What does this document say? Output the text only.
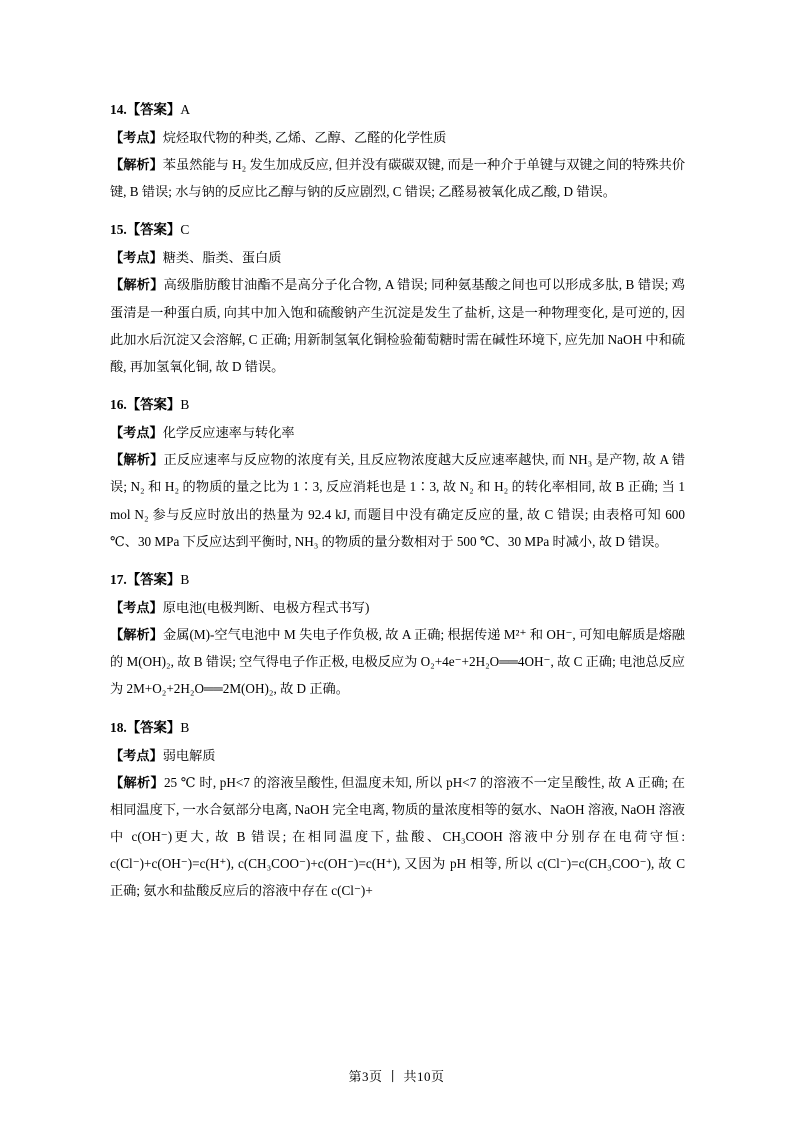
14.【答案】A
【考点】烷烃取代物的种类, 乙烯、乙醇、乙醛的化学性质
【解析】苯虽然能与 H₂ 发生加成反应, 但并没有碳碳双键, 而是一种介于单键与双键之间的特殊共价键, B 错误; 水与钠的反应比乙醇与钠的反应剧烈, C 错误; 乙醛易被氧化成乙酸, D 错误。
15.【答案】C
【考点】糖类、脂类、蛋白质
【解析】高级脂肪酸甘油酯不是高分子化合物, A 错误; 同种氨基酸之间也可以形成多肽, B 错误; 鸡蛋清是一种蛋白质, 向其中加入饱和硫酸钠产生沉淀是发生了盐析, 这是一种物理变化, 是可逆的, 因此加水后沉淀又会溶解, C 正确; 用新制氢氧化铜检验葡萄糖时需在碱性环境下, 应先加 NaOH 中和硫酸, 再加氢氧化铜, 故 D 错误。
16.【答案】B
【考点】化学反应速率与转化率
【解析】正反应速率与反应物的浓度有关, 且反应物浓度越大反应速率越快, 而 NH₃ 是产物, 故 A 错误; N₂ 和 H₂ 的物质的量之比为 1∶3, 反应消耗也是 1∶3, 故 N₂ 和 H₂ 的转化率相同, 故 B 正确; 当 1 mol N₂ 参与反应时放出的热量为 92.4 kJ, 而题目中没有确定反应的量, 故 C 错误; 由表格可知 600 ℃、30 MPa 下反应达到平衡时, NH₃ 的物质的量分数相对于 500 ℃、30 MPa 时减小, 故 D 错误。
17.【答案】B
【考点】原电池(电极判断、电极方程式书写)
【解析】金属(M)-空气电池中 M 失电子作负极, 故 A 正确; 根据传递 M²⁺ 和 OH⁻, 可知电解质是熔融的 M(OH)₂, 故 B 错误; 空气得电子作正极, 电极反应为 O₂+4e⁻+2H₂O══4OH⁻, 故 C 正确; 电池总反应为 2M+O₂+2H₂O══2M(OH)₂, 故 D 正确。
18.【答案】B
【考点】弱电解质
【解析】25 ℃ 时, pH<7 的溶液呈酸性, 但温度未知, 所以 pH<7 的溶液不一定呈酸性, 故 A 正确; 在相同温度下, 一水合氨部分电离, NaOH 完全电离, 物质的量浓度相等的氨水、NaOH 溶液, NaOH 溶液中 c(OH⁻)更大, 故 B 错误; 在相同温度下, 盐酸、CH₃COOH 溶液中分别存在电荷守恒: c(Cl⁻)+c(OH⁻)=c(H⁺), c(CH₃COO⁻)+c(OH⁻)=c(H⁺), 又因为 pH 相等, 所以 c(Cl⁻)=c(CH₃COO⁻), 故 C 正确; 氨水和盐酸反应后的溶液中存在 c(Cl⁻)+
第3页 丨 共10页
